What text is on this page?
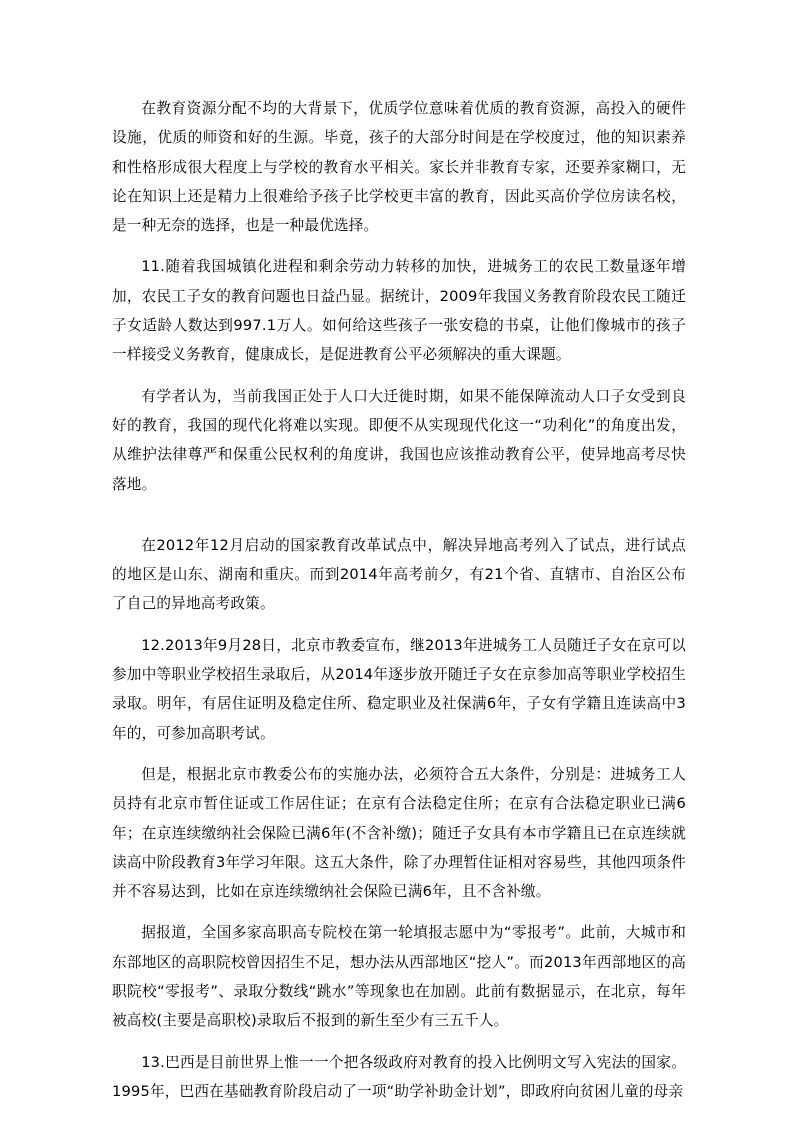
在教育资源分配不均的大背景下，优质学位意味着优质的教育资源，高投入的硬件设施，优质的师资和好的生源。毕竟，孩子的大部分时间是在学校度过，他的知识素养和性格形成很大程度上与学校的教育水平相关。家长并非教育专家，还要养家糊口，无论在知识上还是精力上很难给予孩子比学校更丰富的教育，因此买高价学位房读名校，是一种无奈的选择，也是一种最优选择。

11.随着我国城镇化进程和剩余劳动力转移的加快，进城务工的农民工数量逐年增加，农民工子女的教育问题也日益凸显。据统计，2009年我国义务教育阶段农民工随迁子女适龄人数达到997.1万人。如何给这些孩子一张安稳的书桌，让他们像城市的孩子一样接受义务教育，健康成长，是促进教育公平必须解决的重大课题。

有学者认为，当前我国正处于人口大迁徙时期，如果不能保障流动人口子女受到良好的教育，我国的现代化将难以实现。即便不从实现现代化这一“功利化”的角度出发，从维护法律尊严和保重公民权利的角度讲，我国也应该推动教育公平，使异地高考尽快落地。

在2012年12月启动的国家教育改革试点中，解决异地高考列入了试点，进行试点的地区是山东、湖南和重庆。而到2014年高考前夕，有21个省、直辖市、自治区公布了自己的异地高考政策。

12.2013年9月28日，北京市教委宣布，继2013年进城务工人员随迁子女在京可以参加中等职业学校招生录取后，从2014年逐步放开随迁子女在京参加高等职业学校招生录取。明年，有居住证明及稳定住所、稳定职业及社保满6年，子女有学籍且连读高中3年的，可参加高职考试。

但是，根据北京市教委公布的实施办法，必须符合五大条件，分别是：进城务工人员持有北京市暂住证或工作居住证；在京有合法稳定住所；在京有合法稳定职业已满6年；在京连续缴纳社会保险已满6年(不含补缴)；随迁子女具有本市学籍且已在京连续就读高中阶段教育3年学习年限。这五大条件，除了办理暂住证相对容易些，其他四项条件并不容易达到，比如在京连续缴纳社会保险已满6年，且不含补缴。

据报道，全国多家高职高专院校在第一轮填报志愿中为“零报考”。此前，大城市和东部地区的高职院校曾因招生不足，想办法从西部地区“挖人”。而2013年西部地区的高职院校“零报考”、录取分数线“跳水”等现象也在加剧。此前有数据显示，在北京，每年被高校(主要是高职校)录取后不报到的新生至少有三五千人。

13.巴西是目前世界上惟一一个把各级政府对教育的投入比例明文写入宪法的国家。1995年，巴西在基础教育阶段启动了一项“助学补助金计划”，即政府向贫困儿童的母亲
